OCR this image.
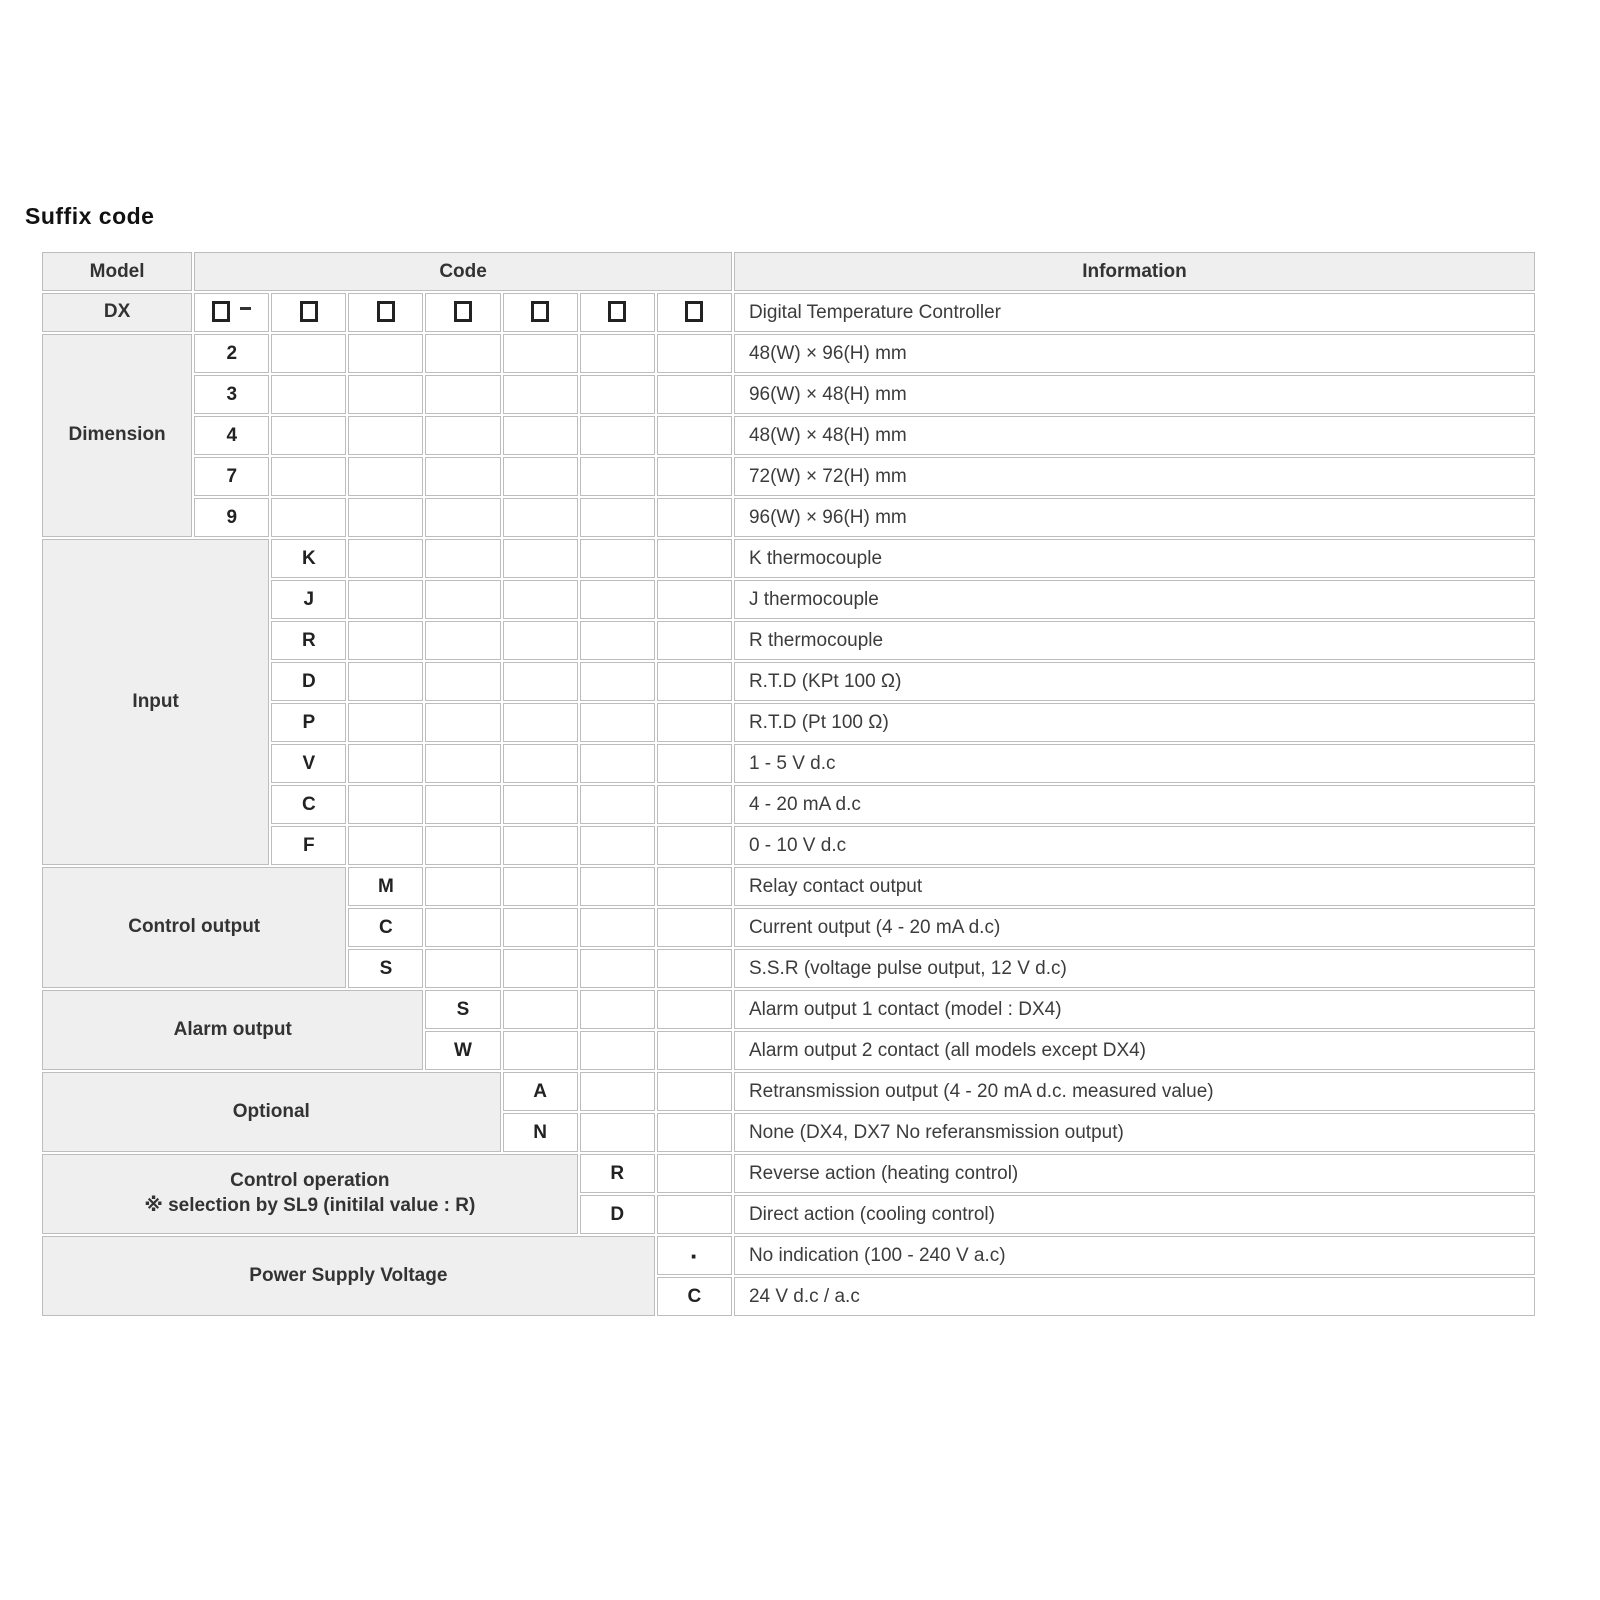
Suffix code
Model	Code							Information
DX								Digital Temperature Controller

Dimension	2							48(W) × 96(H) mm
	3							96(W) × 48(H) mm
	4							48(W) × 48(H) mm
	7							72(W) × 72(H) mm
	9							96(W) × 96(H) mm

Input		K						K thermocouple
		J						J thermocouple
		R						R thermocouple
		D						R.T.D (KPt 100 Ω)
		P						R.T.D (Pt 100 Ω)
		V						1 - 5 V d.c
		C						4 - 20 mA d.c
		F						0 - 10 V d.c

Control output			M					Relay contact output
			C					Current output (4 - 20 mA d.c)
			S					S.S.R (voltage pulse output, 12 V d.c)

Alarm output				S				Alarm output 1 contact (model : DX4)
				W				Alarm output 2 contact (all models except DX4)

Optional					A			Retransmission output (4 - 20 mA d.c. measured value)
					N			None (DX4, DX7 No referansmission output)

Control operation
※ selection by SL9 (initilal value : R)						R		Reverse action (heating control)
						D		Direct action (cooling control)

Power Supply Voltage							·	No indication (100 - 240 V a.c)
							C	24 V d.c / a.c
